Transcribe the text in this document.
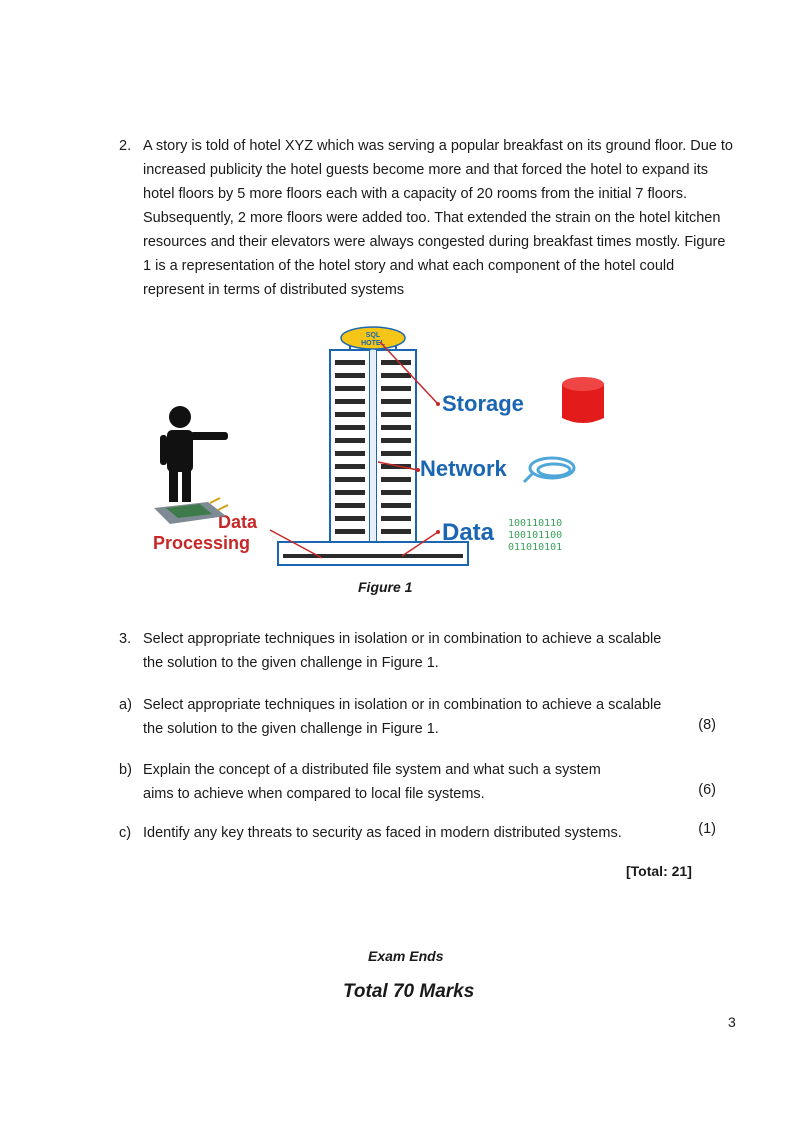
2. A story is told of hotel XYZ which was serving a popular breakfast on its ground floor. Due to
increased publicity the hotel guests become more and that forced the hotel to expand its
hotel floors by 5 more floors each with a capacity of 20 rooms from the initial 7 floors.
Subsequently, 2 more floors were added too. That extended the strain on the hotel kitchen
resources and their elevators were always congested during breakfast times mostly. Figure
1 is a representation of the hotel story and what each component of the hotel could
represent in terms of distributed systems
SQL
HOTEL
Storage
Network
Data
Data
Processing
100110110
100101100
011010101
Figure 1
3. Select appropriate techniques in isolation or in combination to achieve a scalable
the solution to the given challenge in Figure 1.
a) Select appropriate techniques in isolation or in combination to achieve a scalable
the solution to the given challenge in Figure 1.	(8)
b) Explain the concept of a distributed file system and what such a system
aims to achieve when compared to local file systems.	(6)
c) Identify any key threats to security as faced in modern distributed systems.	(1)
[Total: 21]
Exam Ends
Total 70 Marks
3
